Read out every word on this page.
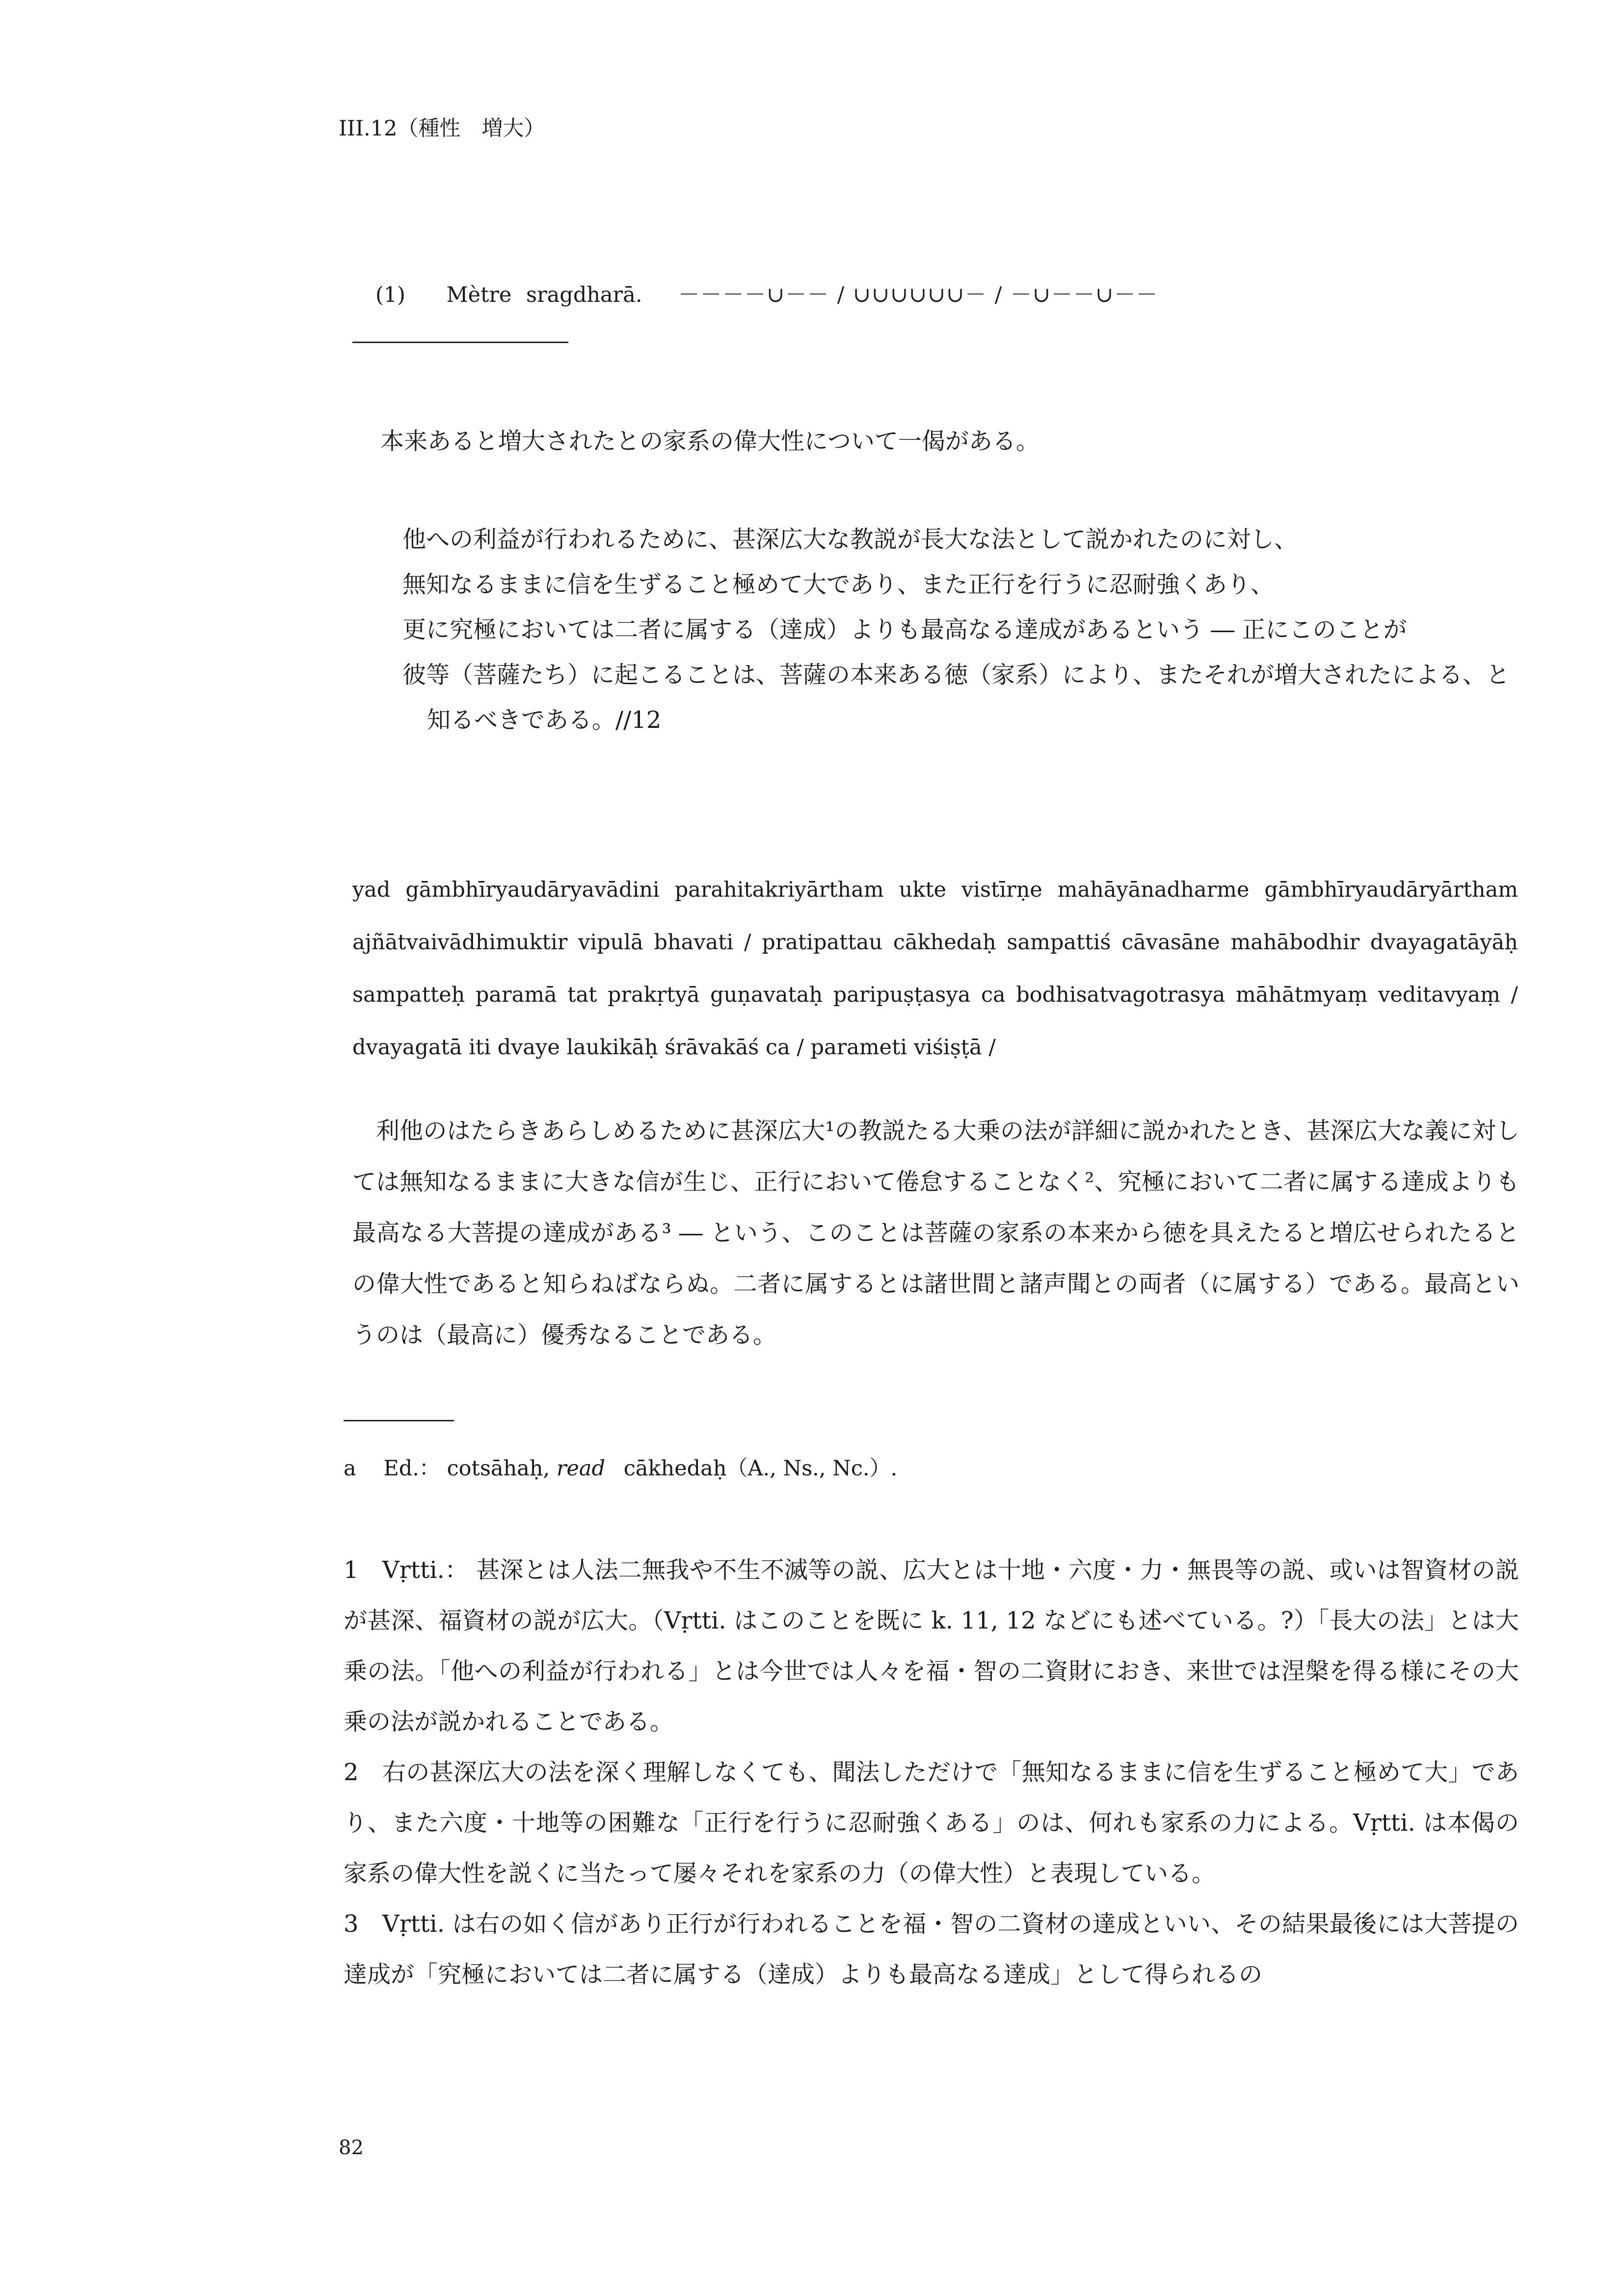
III.12（種性　増大）
(1) Mètre sragdharā. －－－－∪－－ / ∪∪∪∪∪∪－ / －∪－－∪－－

本来あると増大されたとの家系の偉大性について一偈がある。

他への利益が行われるために、甚深広大な教説が長大な法として説かれたのに対し、

無知なるままに信を生ずること極めて大であり、また正行を行うに忍耐強くあり、

更に究極においては二者に属する（達成）よりも最高なる達成があるという ― 正にこのことが

彼等（菩薩たち）に起こることは、菩薩の本来ある徳（家系）により、またそれが増大されたによる、と知るべきである。//12

yad gāmbhīryaudāryavādini parahitakriyārtham ukte vistīrṇe mahāyānadharme gāmbhīryaudāryārtham ajñātvaivādhimuktir vipulā bhavati / pratipattau cākhedaḥ sampattiś cāvasāne mahābodhir dvayagatāyāḥ sampatteḥ paramā tat prakṛtyā guṇavataḥ paripuṣṭasya ca bodhisatvagotrasya māhātmyaṃ veditavyaṃ / dvayagatā iti dvaye laukikāḥ śrāvakāś ca / parameti viśiṣṭā /

利他のはたらきあらしめるために甚深広大¹の教説たる大乗の法が詳細に説かれたとき、甚深広大な義に対しては無知なるままに大きな信が生じ、正行において倦怠することなく²、究極において二者に属する達成よりも最高なる大菩提の達成がある³ ― という、このことは菩薩の家系の本来から徳を具えたると増広せられたるとの偉大性であると知らねばならぬ。二者に属するとは諸世間と諸声聞との両者（に属する）である。最高というのは（最高に）優秀なることである。

a Ed.： cotsāhaḥ, read cākhedaḥ（A., Ns., Nc.）.

1　Vṛtti.： 甚深とは人法二無我や不生不滅等の説、広大とは十地・六度・力・無畏等の説、或いは智資材の説が甚深、福資材の説が広大。（Vṛtti. はこのことを既に k. 11, 12 などにも述べている。?）「長大の法」とは大乗の法。「他への利益が行われる」とは今世では人々を福・智の二資財におき、来世では涅槃を得る様にその大乗の法が説かれることである。

2　右の甚深広大の法を深く理解しなくても、聞法しただけで「無知なるままに信を生ずること極めて大」であり、また六度・十地等の困難な「正行を行うに忍耐強くある」のは、何れも家系の力による。Vṛtti. は本偈の家系の偉大性を説くに当たって屡々それを家系の力（の偉大性）と表現している。

3　Vṛtti. は右の如く信があり正行が行われることを福・智の二資材の達成といい、その結果最後には大菩提の達成が「究極においては二者に属する（達成）よりも最高なる達成」として得られるの

82
